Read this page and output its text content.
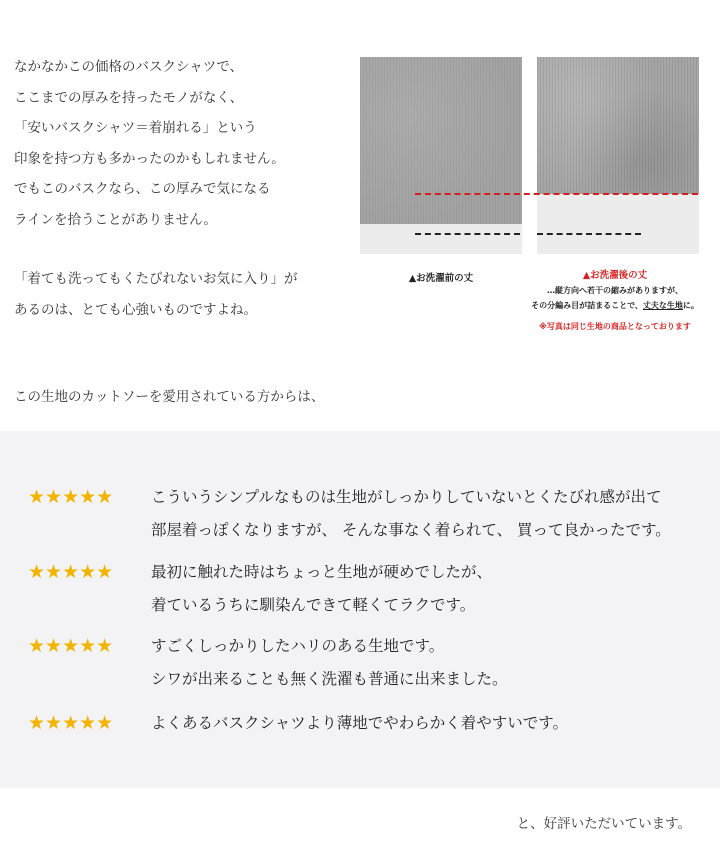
なかなかこの価格のバスクシャツで、

ここまでの厚みを持ったモノがなく、

「安いバスクシャツ＝着崩れる」という

印象を持つ方も多かったのかもしれません。

でもこのバスクなら、この厚みで気になる

ラインを拾うことがありません。

「着ても洗ってもくたびれないお気に入り」が

あるのは、とても心強いものですよね。

▲お洗濯前の丈	▲お洗濯後の丈
…縦方向へ若干の縮みがありますが、
その分編み目が詰まることで、丈夫な生地に。
※写真は同じ生地の商品となっております
この生地のカットソーを愛用されている方からは、
★★★★★ こういうシンプルなものは生地がしっかりしていないとくたびれ感が出て

部屋着っぽくなりますが、 そんな事なく着られて、 買って良かったです。

★★★★★ 最初に触れた時はちょっと生地が硬めでしたが、

着ているうちに馴染んできて軽くてラクです。

★★★★★ すごくしっかりしたハリのある生地です。

シワが出来ることも無く洗濯も普通に出来ました。

★★★★★ よくあるバスクシャツより薄地でやわらかく着やすいです。

と、好評いただいています。
